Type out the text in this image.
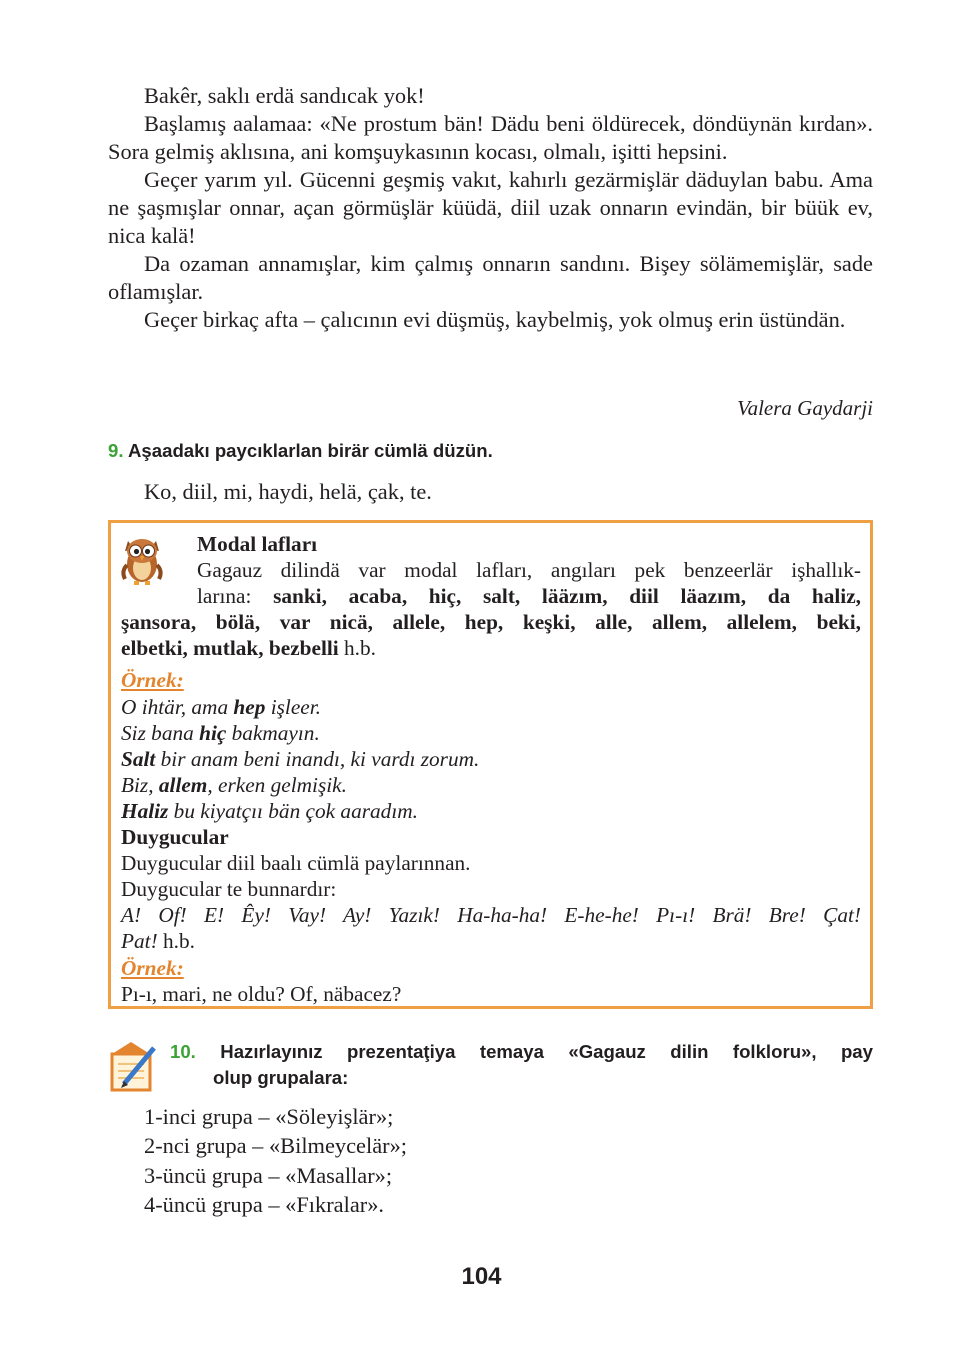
Bakêr, saklı erdä sandıcak yok!

Başlamış aalamaa: «Ne prostum bän! Dädu beni öldürecek, döndüynän kırdan». Sora gelmiş aklısına, ani komşuykasının kocası, olmalı, işitti hepsini.

Geçer yarım yıl. Gücenni geşmiş vakıt, kahırlı gezärmişlär däduylan babu. Ama ne şaşmışlar onnar, açan görmüşlär küüdä, diil uzak onnarın evindän, bir büük ev, nica kalä!

Da ozaman annamışlar, kim çalmış onnarın sandını. Bişey sölämemişlär, sade oflamışlar.

Geçer birkaç afta – çalıcının evi düşmüş, kaybelmiş, yok olmuş erin üstündän.

Valera Gaydarji
9. Aşaadakı paycıklarlan birär cümlä düzün.
Ko, diil, mi, haydi, helä, çak, te.
Modal lafları
Gagauz dilindä var modal lafları, angıları pek benzeerlär işhallık-
larına: sanki, acaba, hiç, salt, lääzım, diil läazım, da haliz,
şansora, bölä, var nicä, allele, hep, keşki, alle, allem, allelem, beki,
elbetki, mutlak, bezbelli h.b.
Örnek:
O ihtär, ama hep işleer.
Siz bana hiç bakmayın.
Salt bir anam beni inandı, ki vardı zorum.
Biz, allem, erken gelmişik.
Haliz bu kiyatçıı bän çok aaradım.
Duygucular
Duygucular diil baalı cümlä paylarınnan.
Duygucular te bunnardır:
A! Of! E! Êy! Vay! Ay! Yazık! Ha-ha-ha! E-he-he! Pı-ı! Brä! Bre! Çat!
Pat! h.b.
Örnek:
Pı-ı, mari, ne oldu? Of, näbacez?
10. Hazırlayınız prezentaţiya temaya «Gagauz dilin folkloru», pay
olup grupalara:
1-inci grupa – «Söleyişlär»;
2-nci grupa – «Bilmeycelär»;
3-üncü grupa – «Masallar»;
4-üncü grupa – «Fıkralar».
104
